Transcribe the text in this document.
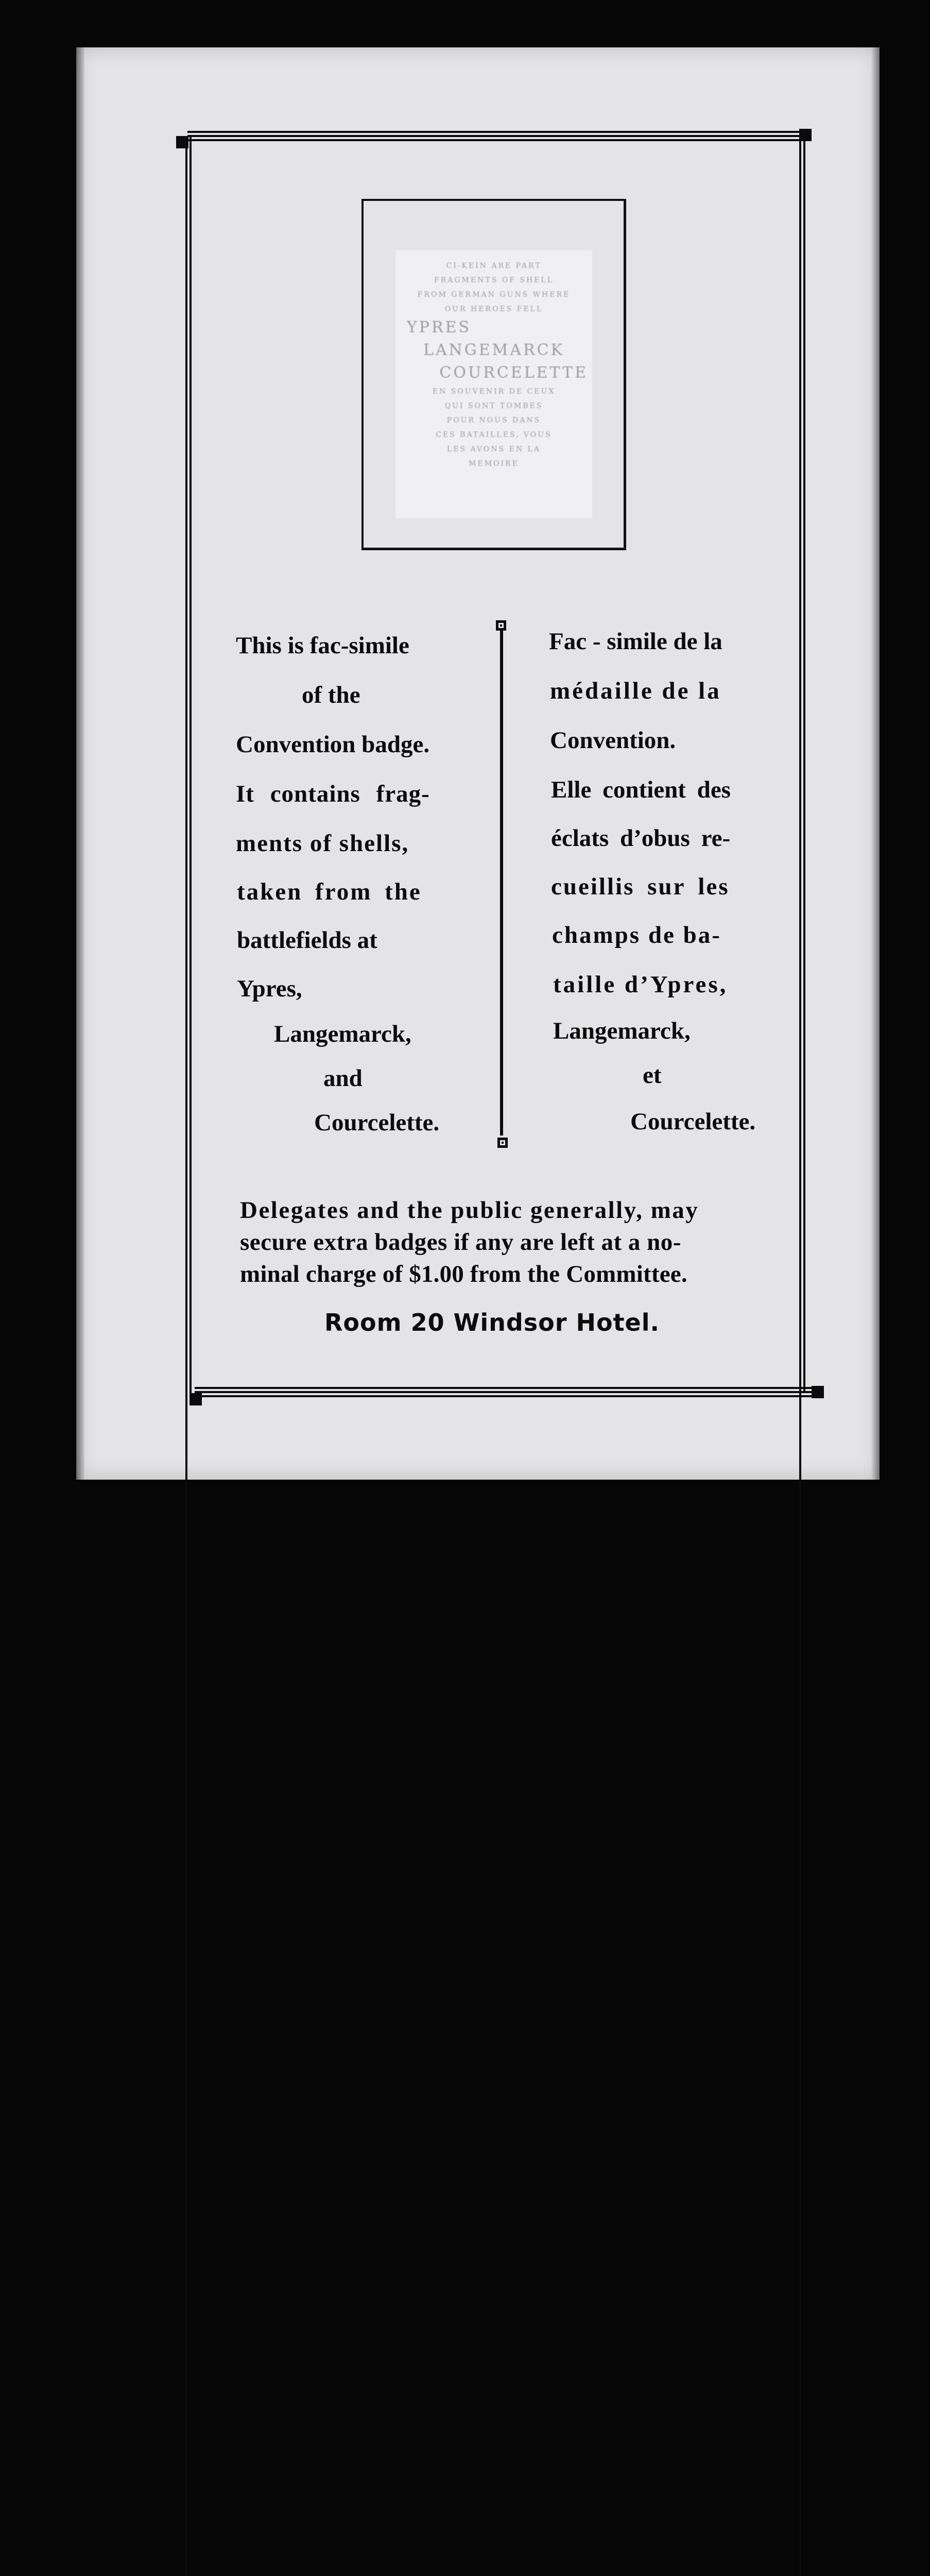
CI-KEIN ARE PART
FRAGMENTS OF SHELL
FROM GERMAN GUNS WHERE
OUR HEROES FELL
YPRES
LANGEMARCK
COURCELETTE
EN SOUVENIR DE CEUX
QUI SONT TOMBES
POUR NOUS DANS
CES BATAILLES, VOUS
LES AVONS EN LA
MEMOIRE
This is fac-simile
of the
Convention badge.
It contains frag-
ments of shells,
taken from the
battlefields at
Ypres,
Langemarck,
and
Courcelette.
Fac - simile de la
médaille de la
Convention.
Elle contient des
éclats d’obus re-
cueillis sur les
champs de ba-
taille d’Ypres,
Langemarck,
et
Courcelette.
Delegates and the public generally, may
secure extra badges if any are left at a no-
minal charge of $1.00 from the Committee.
Room 20 Windsor Hotel.
